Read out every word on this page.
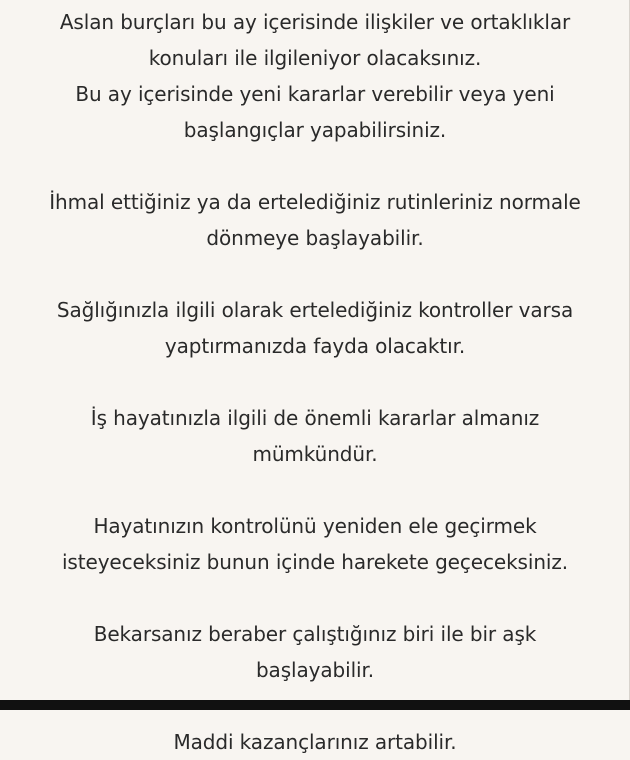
Aslan burçları bu ay içerisinde ilişkiler ve ortaklıklar
konuları ile ilgileniyor olacaksınız.
Bu ay içerisinde yeni kararlar verebilir veya yeni
başlangıçlar yapabilirsiniz.

İhmal ettiğiniz ya da ertelediğiniz rutinleriniz normale
dönmeye başlayabilir.

Sağlığınızla ilgili olarak ertelediğiniz kontroller varsa
yaptırmanızda fayda olacaktır.

İş hayatınızla ilgili de önemli kararlar almanız
mümkündür.

Hayatınızın kontrolünü yeniden ele geçirmek
isteyeceksiniz bunun içinde harekete geçeceksiniz.

Bekarsanız beraber çalıştığınız biri ile bir aşk
başlayabilir.

Maddi kazançlarınız artabilir.
